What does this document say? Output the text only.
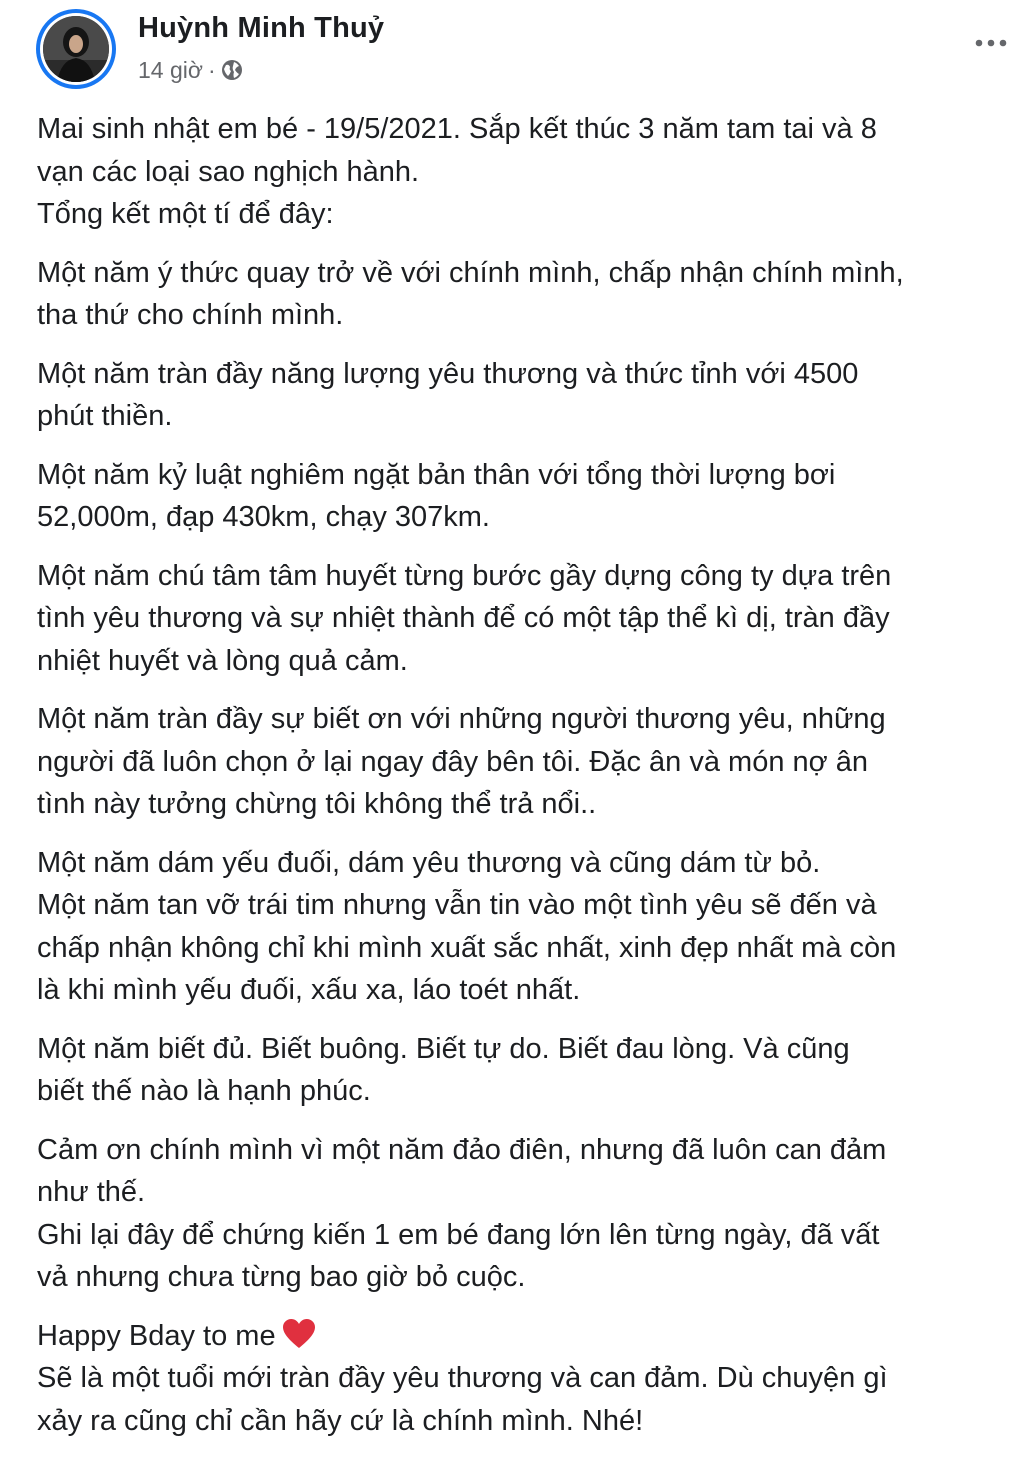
Huỳnh Minh Thuỷ
14 giờ ·

Mai sinh nhật em bé - 19/5/2021. Sắp kết thúc 3 năm tam tai và 8
vạn các loại sao nghịch hành.
Tổng kết một tí để đây:

Một năm ý thức quay trở về với chính mình, chấp nhận chính mình,
tha thứ cho chính mình.

Một năm tràn đầy năng lượng yêu thương và thức tỉnh với 4500
phút thiền.

Một năm kỷ luật nghiêm ngặt bản thân với tổng thời lượng bơi
52,000m, đạp 430km, chạy 307km.

Một năm chú tâm tâm huyết từng bước gầy dựng công ty dựa trên
tình yêu thương và sự nhiệt thành để có một tập thể kì dị, tràn đầy
nhiệt huyết và lòng quả cảm.

Một năm tràn đầy sự biết ơn với những người thương yêu, những
người đã luôn chọn ở lại ngay đây bên tôi. Đặc ân và món nợ ân
tình này tưởng chừng tôi không thể trả nổi..

Một năm dám yếu đuối, dám yêu thương và cũng dám từ bỏ.
Một năm tan vỡ trái tim nhưng vẫn tin vào một tình yêu sẽ đến và
chấp nhận không chỉ khi mình xuất sắc nhất, xinh đẹp nhất mà còn
là khi mình yếu đuối, xấu xa, láo toét nhất.

Một năm biết đủ. Biết buông. Biết tự do. Biết đau lòng. Và cũng
biết thế nào là hạnh phúc.

Cảm ơn chính mình vì một năm đảo điên, nhưng đã luôn can đảm
như thế.
Ghi lại đây để chứng kiến 1 em bé đang lớn lên từng ngày, đã vất
vả nhưng chưa từng bao giờ bỏ cuộc.

Happy Bday to me
Sẽ là một tuổi mới tràn đầy yêu thương và can đảm. Dù chuyện gì
xảy ra cũng chỉ cần hãy cứ là chính mình. Nhé!
